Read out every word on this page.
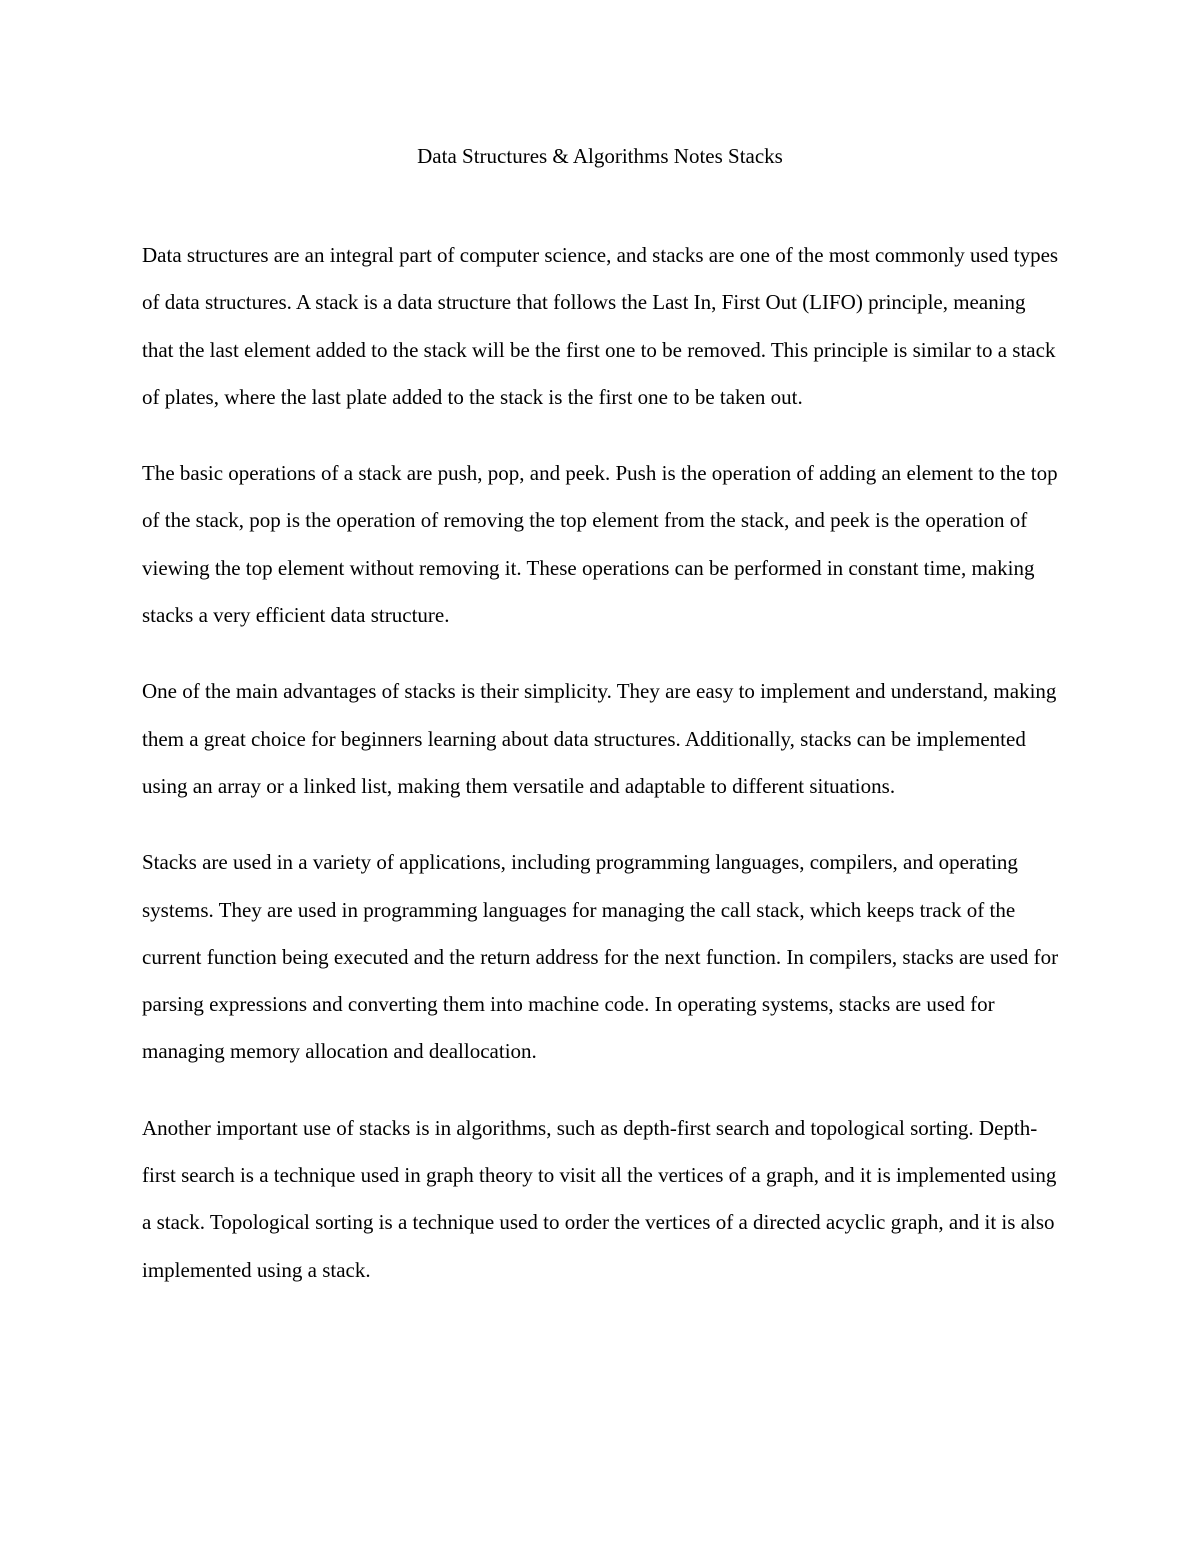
Data Structures & Algorithms Notes Stacks

Data structures are an integral part of computer science, and stacks are one of the most commonly used types of data structures. A stack is a data structure that follows the Last In, First Out (LIFO) principle, meaning that the last element added to the stack will be the first one to be removed. This principle is similar to a stack of plates, where the last plate added to the stack is the first one to be taken out.

The basic operations of a stack are push, pop, and peek. Push is the operation of adding an element to the top of the stack, pop is the operation of removing the top element from the stack, and peek is the operation of viewing the top element without removing it. These operations can be performed in constant time, making stacks a very efficient data structure.

One of the main advantages of stacks is their simplicity. They are easy to implement and understand, making them a great choice for beginners learning about data structures. Additionally, stacks can be implemented using an array or a linked list, making them versatile and adaptable to different situations.

Stacks are used in a variety of applications, including programming languages, compilers, and operating systems. They are used in programming languages for managing the call stack, which keeps track of the current function being executed and the return address for the next function. In compilers, stacks are used for parsing expressions and converting them into machine code. In operating systems, stacks are used for managing memory allocation and deallocation.

Another important use of stacks is in algorithms, such as depth-first search and topological sorting. Depth-first search is a technique used in graph theory to visit all the vertices of a graph, and it is implemented using a stack. Topological sorting is a technique used to order the vertices of a directed acyclic graph, and it is also implemented using a stack.
